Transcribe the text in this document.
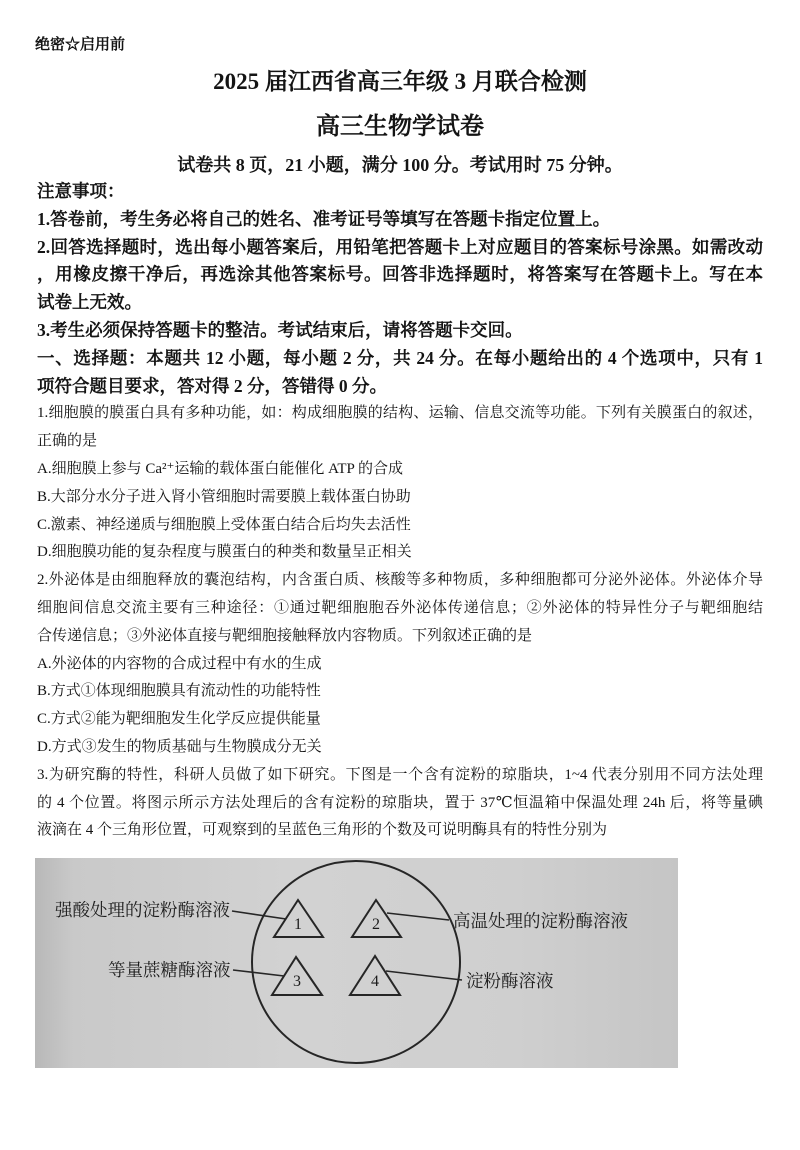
绝密☆启用前
2025 届江西省高三年级 3 月联合检测
高三生物学试卷
试卷共 8 页，21 小题，满分 100 分。考试用时 75 分钟。
注意事项：
1.答卷前，考生务必将自己的姓名、准考证号等填写在答题卡指定位置上。
2.回答选择题时，选出每小题答案后，用铅笔把答题卡上对应题目的答案标号涂黑。如需改动
，用橡皮擦干净后，再选涂其他答案标号。回答非选择题时，将答案写在答题卡上。写在本
试卷上无效。
3.考生必须保持答题卡的整洁。考试结束后，请将答题卡交回。
一、选择题：本题共 12 小题，每小题 2 分，共 24 分。在每小题给出的 4 个选项中，只有 1
项符合题目要求，答对得 2 分，答错得 0 分。
1.细胞膜的膜蛋白具有多种功能，如：构成细胞膜的结构、运输、信息交流等功能。下列有关膜蛋白的叙述，
正确的是
A.细胞膜上参与 Ca²⁺运输的载体蛋白能催化 ATP 的合成
B.大部分水分子进入肾小管细胞时需要膜上载体蛋白协助
C.激素、神经递质与细胞膜上受体蛋白结合后均失去活性
D.细胞膜功能的复杂程度与膜蛋白的种类和数量呈正相关
2.外泌体是由细胞释放的囊泡结构，内含蛋白质、核酸等多种物质，多种细胞都可分泌外泌体。外泌体介导
细胞间信息交流主要有三种途径：①通过靶细胞胞吞外泌体传递信息；②外泌体的特异性分子与靶细胞结
合传递信息；③外泌体直接与靶细胞接触释放内容物质。下列叙述正确的是
A.外泌体的内容物的合成过程中有水的生成
B.方式①体现细胞膜具有流动性的功能特性
C.方式②能为靶细胞发生化学反应提供能量
D.方式③发生的物质基础与生物膜成分无关
3.为研究酶的特性，科研人员做了如下研究。下图是一个含有淀粉的琼脂块，1~4 代表分别用不同方法处理
的 4 个位置。将图示所示方法处理后的含有淀粉的琼脂块，置于 37℃恒温箱中保温处理 24h 后，将等量碘
液滴在 4 个三角形位置，可观察到的呈蓝色三角形的个数及可说明酶具有的特性分别为
1	2
3	4
强酸处理的淀粉酶溶液
高温处理的淀粉酶溶液
等量蔗糖酶溶液
淀粉酶溶液
